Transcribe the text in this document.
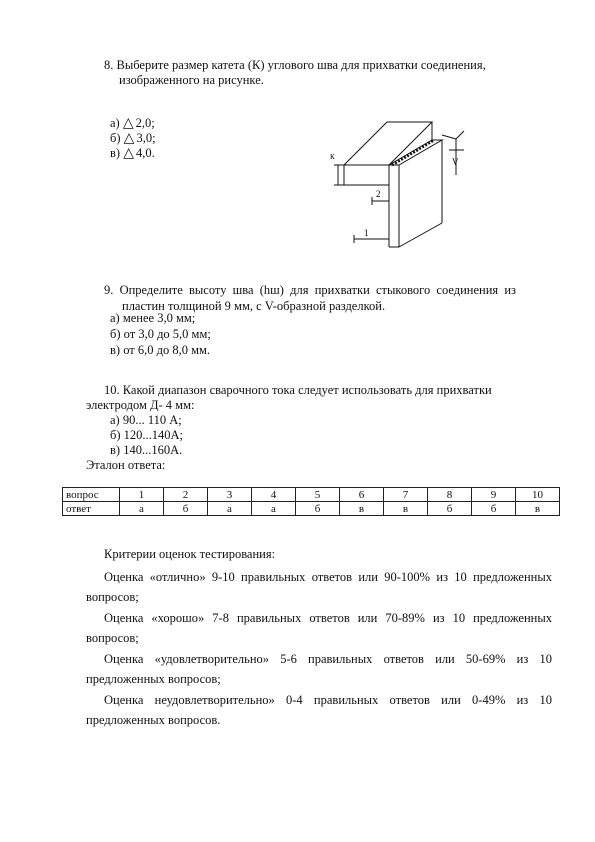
8. Выберите размер катета (К) углового шва для прихватки соединения,
изображенного на рисунке.
а) △ 2,0;
б) △ 3,0;
в) △ 4,0.	К
2
1
V
9. Определите высоту шва (hш) для прихватки стыкового соединения из
пластин толщиной 9 мм, с V-образной разделкой.
а) менее 3,0 мм;
б) от 3,0 до 5,0 мм;
в) от 6,0 до 8,0 мм.
10. Какой диапазон сварочного тока следует использовать для прихватки
электродом Д- 4 мм:
а) 90... 110 А;
б) 120...140А;
в) 140...160А.
Эталон ответа:
вопрос	1	2	3	4	5	6	7	8	9	10
ответ	а	б	а	а	б	в	в	б	б	в
Критерии оценок тестирования:
Оценка «отлично» 9-10 правильных ответов или 90-100% из 10 предложенных
вопросов;
Оценка «хорошо» 7-8 правильных ответов или 70-89% из 10 предложенных
вопросов;
Оценка «удовлетворительно» 5-6 правильных ответов или 50-69% из 10
предложенных вопросов;
Оценка неудовлетворительно» 0-4 правильных ответов или 0-49% из 10
предложенных вопросов.
